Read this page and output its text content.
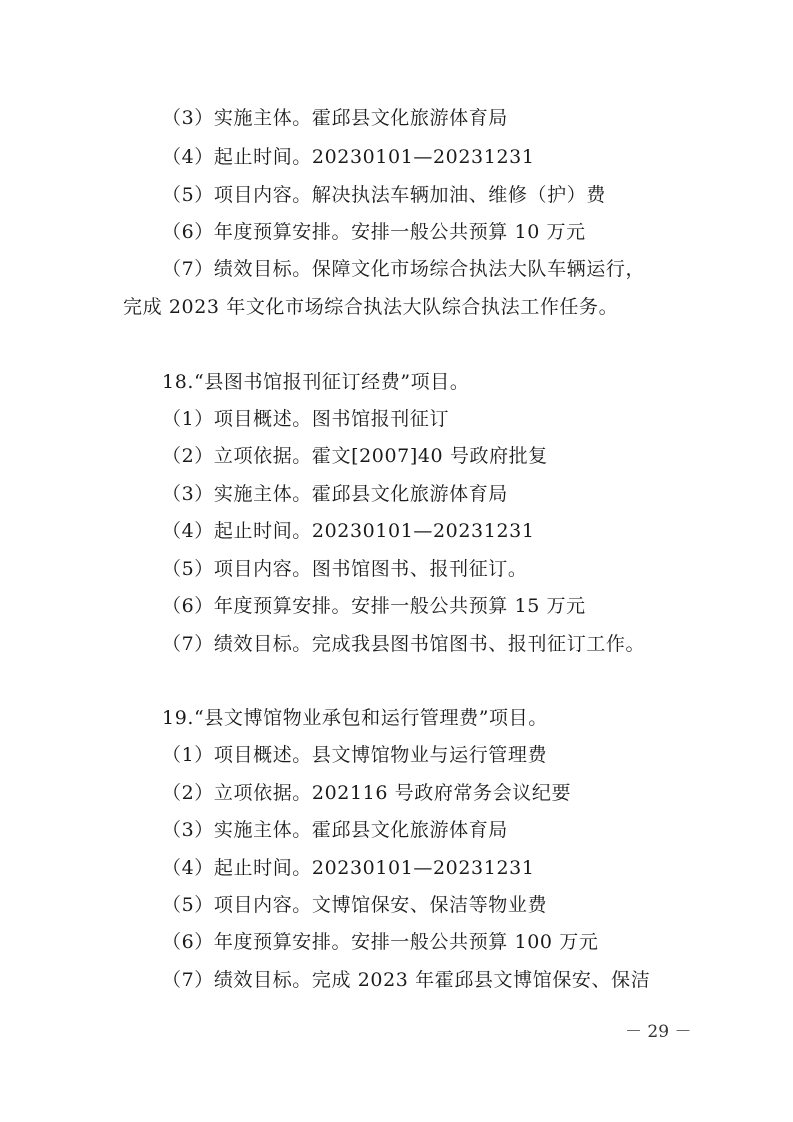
（3）实施主体。霍邱县文化旅游体育局
（4）起止时间。20230101—20231231
（5）项目内容。解决执法车辆加油、维修（护）费
（6）年度预算安排。安排一般公共预算 10 万元
（7）绩效目标。保障文化市场综合执法大队车辆运行，
完成 2023 年文化市场综合执法大队综合执法工作任务。
18.“县图书馆报刊征订经费”项目。
（1）项目概述。图书馆报刊征订
（2）立项依据。霍文[2007]40 号政府批复
（3）实施主体。霍邱县文化旅游体育局
（4）起止时间。20230101—20231231
（5）项目内容。图书馆图书、报刊征订。
（6）年度预算安排。安排一般公共预算 15 万元
（7）绩效目标。完成我县图书馆图书、报刊征订工作。
19.“县文博馆物业承包和运行管理费”项目。
（1）项目概述。县文博馆物业与运行管理费
（2）立项依据。202116 号政府常务会议纪要
（3）实施主体。霍邱县文化旅游体育局
（4）起止时间。20230101—20231231
（5）项目内容。文博馆保安、保洁等物业费
（6）年度预算安排。安排一般公共预算 100 万元
（7）绩效目标。完成 2023 年霍邱县文博馆保安、保洁
－ 29 －
